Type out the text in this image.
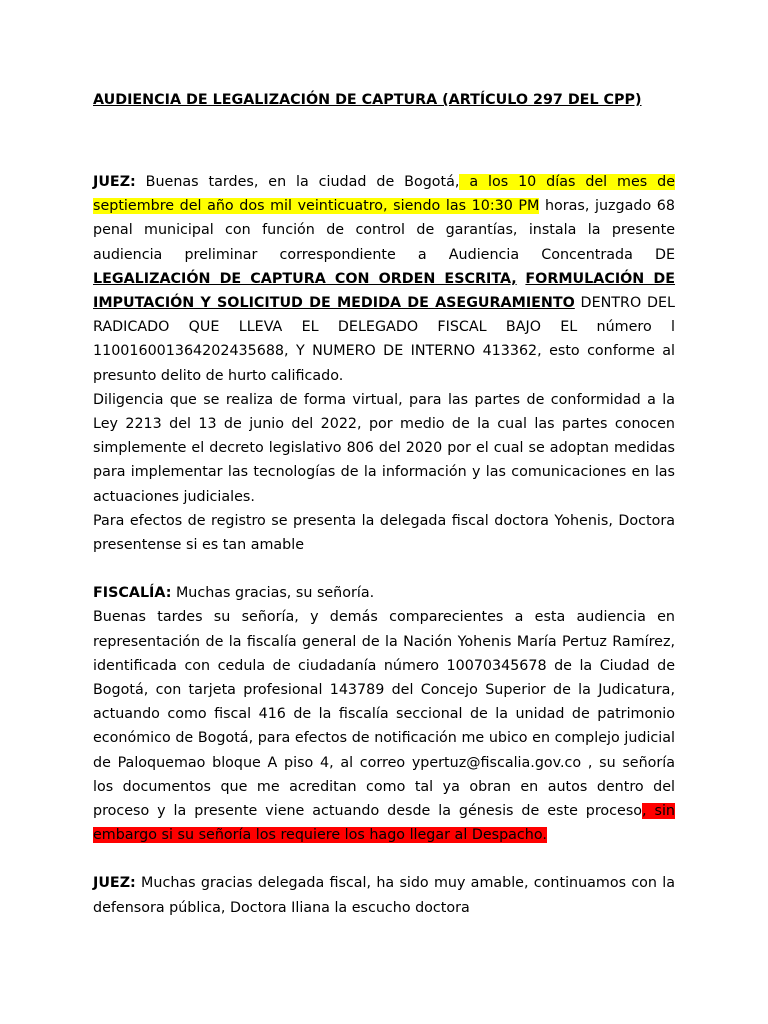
AUDIENCIA DE LEGALIZACIÓN DE CAPTURA (ARTÍCULO 297 DEL CPP)

JUEZ: Buenas tardes, en la ciudad de Bogotá, a los 10 días del mes de septiembre del año dos mil veinticuatro, siendo las 10:30 PM horas, juzgado 68 penal municipal con función de control de garantías, instala la presente audiencia preliminar correspondiente a Audiencia Concentrada DE LEGALIZACIÓN DE CAPTURA CON ORDEN ESCRITA, FORMULACIÓN DE IMPUTACIÓN Y SOLICITUD DE MEDIDA DE ASEGURAMIENTO DENTRO DEL RADICADO QUE LLEVA EL DELEGADO FISCAL BAJO EL número l 11001600136420243568‌8, Y NUMERO DE INTERNO 413362, esto conforme al presunto delito de hurto calificado.

Diligencia que se realiza de forma virtual, para las partes de conformidad a la Ley 2213 del 13 de junio del 2022, por medio de la cual las partes conocen simplemente el decreto legislativo 806 del 2020 por el cual se adoptan medidas para implementar las tecnologías de la información y las comunicaciones en las actuaciones judiciales.

Para efectos de registro se presenta la delegada fiscal doctora Yohenis, Doctora presentense si es tan amable

FISCALÍA: Muchas gracias, su señoría.

Buenas tardes su señoría, y demás comparecientes a esta audiencia en representación de la fiscalía general de la Nación Yohenis María Pertuz Ramírez, identificada con cedula de ciudadanía número 10070345678 de la Ciudad de Bogotá, con tarjeta profesional 143789 del Concejo Superior de la Judicatura, actuando como fiscal 416 de la fiscalía seccional de la unidad de patrimonio económico de Bogotá, para efectos de notificación me ubico en complejo judicial de Paloquemao bloque A piso 4, al correo ypertuz@fiscalia.gov.co , su señoría los documentos que me acreditan como tal ya obran en autos dentro del proceso y la presente viene actuando desde la génesis de este proceso, sin embargo si su señoría los requiere los hago llegar al Despacho.

JUEZ: Muchas gracias delegada fiscal, ha sido muy amable, continuamos con la defensora pública, Doctora Iliana la escucho doctora
